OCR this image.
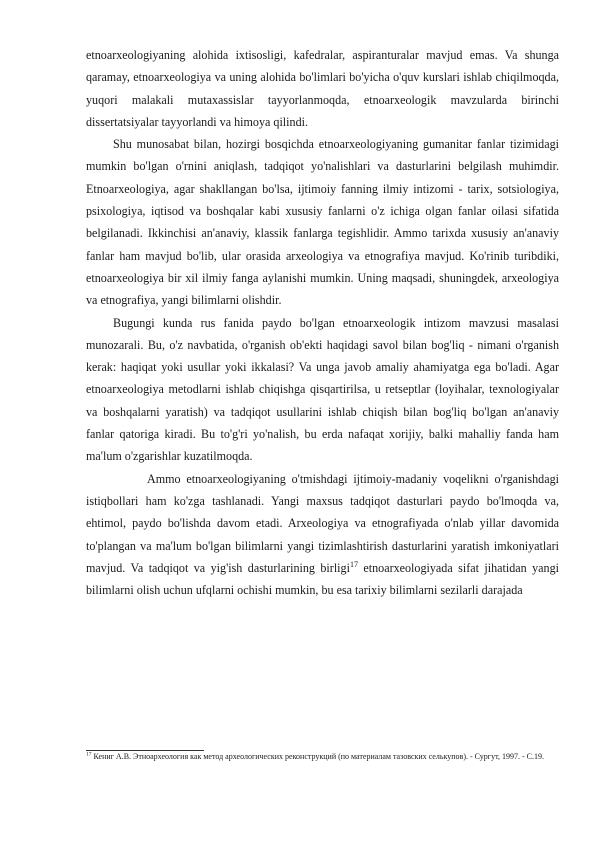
etnoarxeologiyaning alohida ixtisosligi, kafedralar, aspiranturalar mavjud emas. Va shunga qaramay, etnoarxeologiya va uning alohida bo'limlari bo'yicha o'quv kurslari ishlab chiqilmoqda, yuqori malakali mutaxassislar tayyorlanmoqda, etnoarxeologik mavzularda birinchi dissertatsiyalar tayyorlandi va himoya qilindi.

Shu munosabat bilan, hozirgi bosqichda etnoarxeologiyaning gumanitar fanlar tizimidagi mumkin bo'lgan o'rnini aniqlash, tadqiqot yo'nalishlari va dasturlarini belgilash muhimdir. Etnoarxeologiya, agar shakllangan bo'lsa, ijtimoiy fanning ilmiy intizomi - tarix, sotsiologiya, psixologiya, iqtisod va boshqalar kabi xususiy fanlarni o'z ichiga olgan fanlar oilasi sifatida belgilanadi. Ikkinchisi an'anaviy, klassik fanlarga tegishlidir. Ammo tarixda xususiy an'anaviy fanlar ham mavjud bo'lib, ular orasida arxeologiya va etnografiya mavjud. Ko'rinib turibdiki, etnoarxeologiya bir xil ilmiy fanga aylanishi mumkin. Uning maqsadi, shuningdek, arxeologiya va etnografiya, yangi bilimlarni olishdir.

Bugungi kunda rus fanida paydo bo'lgan etnoarxeologik intizom mavzusi masalasi munozarali. Bu, o'z navbatida, o'rganish ob'ekti haqidagi savol bilan bog'liq - nimani o'rganish kerak: haqiqat yoki usullar yoki ikkalasi? Va unga javob amaliy ahamiyatga ega bo'ladi. Agar etnoarxeologiya metodlarni ishlab chiqishga qisqartirilsa, u retseptlar (loyihalar, texnologiyalar va boshqalarni yaratish) va tadqiqot usullarini ishlab chiqish bilan bog'liq bo'lgan an'anaviy fanlar qatoriga kiradi. Bu to'g'ri yo'nalish, bu erda nafaqat xorijiy, balki mahalliy fanda ham ma'lum o'zgarishlar kuzatilmoqda.

Ammo etnoarxeologiyaning o'tmishdagi ijtimoiy-madaniy voqelikni o'rganishdagi istiqbollari ham ko'zga tashlanadi. Yangi maxsus tadqiqot dasturlari paydo bo'lmoqda va, ehtimol, paydo bo'lishda davom etadi. Arxeologiya va etnografiyada o'nlab yillar davomida to'plangan va ma'lum bo'lgan bilimlarni yangi tizimlashtirish dasturlarini yaratish imkoniyatlari mavjud. Va tadqiqot va yig'ish dasturlarining birligi$^{17}$ etnoarxeologiyada sifat jihatidan yangi bilimlarni olish uchun ufqlarni ochishi mumkin, bu esa tarixiy bilimlarni sezilarli darajada

$^{17}$ Кениг А.В. Этноархеология как метод археологических реконструкций (по материалам тазовских селькупов). - Сургут, 1997. - С.19.
